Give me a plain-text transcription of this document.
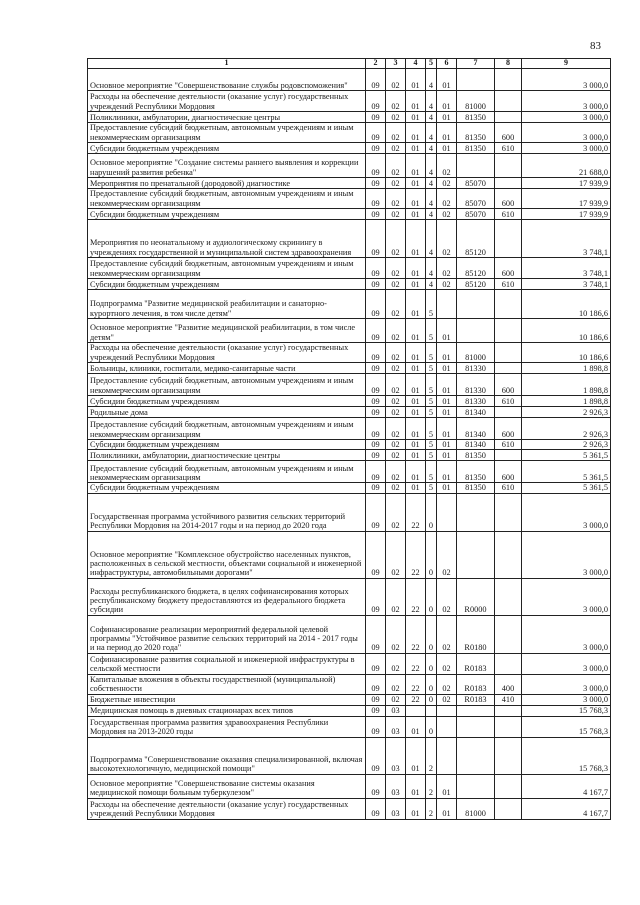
83
1	2	3	4	5	6	7	8	9
Основное мероприятие "Совершенствование службы родовспоможения"	09	02	01	4	01			3 000,0
Расходы на обеспечение деятельности (оказание услуг) государственных учреждений Республики Мордовия	09	02	01	4	01	81000		3 000,0
Поликлиники, амбулатории, диагностические центры	09	02	01	4	01	81350		3 000,0
Предоставление субсидий бюджетным, автономным учреждениям и иным некоммерческим организациям	09	02	01	4	01	81350	600	3 000,0
Субсидии бюджетным учреждениям	09	02	01	4	01	81350	610	3 000,0
Основное мероприятие "Создание системы раннего выявления и коррекции нарушений развития ребенка"	09	02	01	4	02			21 688,0
Мероприятия по пренатальной (дородовой) диагностике	09	02	01	4	02	85070		17 939,9
Предоставление субсидий бюджетным, автономным учреждениям и иным некоммерческим организациям	09	02	01	4	02	85070	600	17 939,9
Субсидии бюджетным учреждениям	09	02	01	4	02	85070	610	17 939,9
Мероприятия по неонатальному и аудиологическому скринингу в учреждениях государственной и муниципальной систем здравоохранения	09	02	01	4	02	85120		3 748,1
Предоставление субсидий бюджетным, автономным учреждениям и иным некоммерческим организациям	09	02	01	4	02	85120	600	3 748,1
Субсидии бюджетным учреждениям	09	02	01	4	02	85120	610	3 748,1
Подпрограмма "Развитие медицинской реабилитации и санаторно-курортного лечения, в том числе детям"	09	02	01	5				10 186,6
Основное мероприятие "Развитие медицинской реабилитации, в том числе детям"	09	02	01	5	01			10 186,6
Расходы на обеспечение деятельности (оказание услуг) государственных учреждений Республики Мордовия	09	02	01	5	01	81000		10 186,6
Больницы, клиники, госпитали, медико-санитарные части	09	02	01	5	01	81330		1 898,8
Предоставление субсидий бюджетным, автономным учреждениям и иным некоммерческим организациям	09	02	01	5	01	81330	600	1 898,8
Субсидии бюджетным учреждениям	09	02	01	5	01	81330	610	1 898,8
Родильные дома	09	02	01	5	01	81340		2 926,3
Предоставление субсидий бюджетным, автономным учреждениям и иным некоммерческим организациям	09	02	01	5	01	81340	600	2 926,3
Субсидии бюджетным учреждениям	09	02	01	5	01	81340	610	2 926,3
Поликлиники, амбулатории, диагностические центры	09	02	01	5	01	81350		5 361,5
Предоставление субсидий бюджетным, автономным учреждениям и иным некоммерческим организациям	09	02	01	5	01	81350	600	5 361,5
Субсидии бюджетным учреждениям	09	02	01	5	01	81350	610	5 361,5
Государственная программа устойчивого развития сельских территорий Республики Мордовия на 2014-2017 годы и на период до 2020 года	09	02	22	0				3 000,0
Основное мероприятие "Комплексное обустройство населенных пунктов, расположенных в сельской местности, объектами социальной и инженерной инфраструктуры, автомобильными дорогами"	09	02	22	0	02			3 000,0
Расходы республиканского бюджета, в целях софинансирования которых республиканскому бюджету предоставляются из федерального бюджета субсидии	09	02	22	0	02	R0000		3 000,0
Софинансирование реализации мероприятий федеральной целевой программы "Устойчивое развитие сельских территорий на 2014 - 2017 годы и на период до 2020 года"	09	02	22	0	02	R0180		3 000,0
Софинансирование развития социальной и инженерной инфраструктуры в сельской местности	09	02	22	0	02	R0183		3 000,0
Капитальные вложения в объекты государственной (муниципальной) собственности	09	02	22	0	02	R0183	400	3 000,0
Бюджетные инвестиции	09	02	22	0	02	R0183	410	3 000,0
Медицинская помощь в дневных стационарах всех типов	09	03						15 768,3
Государственная программа развития здравоохранения Республики Мордовия на 2013-2020 годы	09	03	01	0				15 768,3
Подпрограмма "Совершенствование оказания специализированной, включая высокотехнологичную, медицинской помощи"	09	03	01	2				15 768,3
Основное мероприятие "Совершенствование системы оказания медицинской помощи больным туберкулезом"	09	03	01	2	01			4 167,7
Расходы на обеспечение деятельности (оказание услуг) государственных учреждений Республики Мордовия	09	03	01	2	01	81000		4 167,7
